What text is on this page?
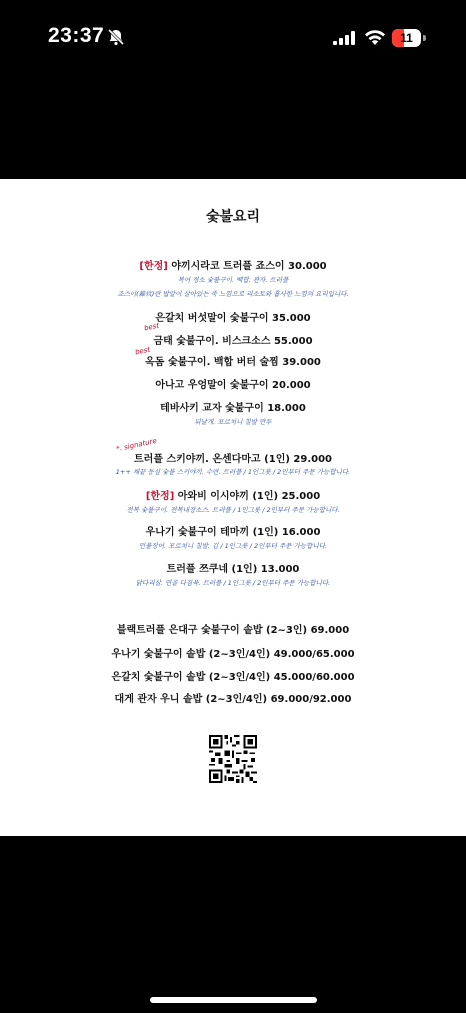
23:37	11
숯불요리
[한정] 야끼시라코 트러플 죠스이 30.000
복어 정소 숯불구이. 백합. 관자. 트러플
죠스이(雑炊)란 밥알이 살아있는 죽 느낌으로 리소토와 흡사한 느낌의 요리입니다.
은갈치 버섯말이 숯불구이 35.000
best
금태 숯불구이. 비스크소스 55.000
best
옥돔 숯불구이. 백합 버터 술찜 39.000
아나고 우엉말이 숯불구이 20.000
테바사키 교자 숯불구이 18.000
뒤날개. 포르치니 칠발 만두
*. signature
트러플 스키야끼. 온센다마고 (1인) 29.000
1++ 채끝 등심 숯불 스키야끼. 수란. 트러플 / 1인그릇 / 2인부터 주문 가능합니다.
[한정] 아와비 이시야끼 (1인) 25.000
전복 숯불구이. 전복내장소스. 트러플 / 1인그릇 / 2인부터 주문 가능합니다.
우나기 숯불구이 테마끼 (1인) 16.000
민물장어. 포르치니 칠발. 김 / 1인그릇 / 2인부터 주문 가능합니다.
트러플 쯔쿠네 (1인) 13.000
닭다리살. 연골 다짐육. 트러플 / 1인그릇 / 2인부터 주문 가능합니다.
블랙트러플 은대구 숯불구이 솥밥 (2~3인) 69.000
우나기 숯불구이 솥밥 (2~3인/4인) 49.000/65.000
은갈치 숯불구이 솥밥 (2~3인/4인) 45.000/60.000
대게 관자 우니 솥밥 (2~3인/4인) 69.000/92.000
